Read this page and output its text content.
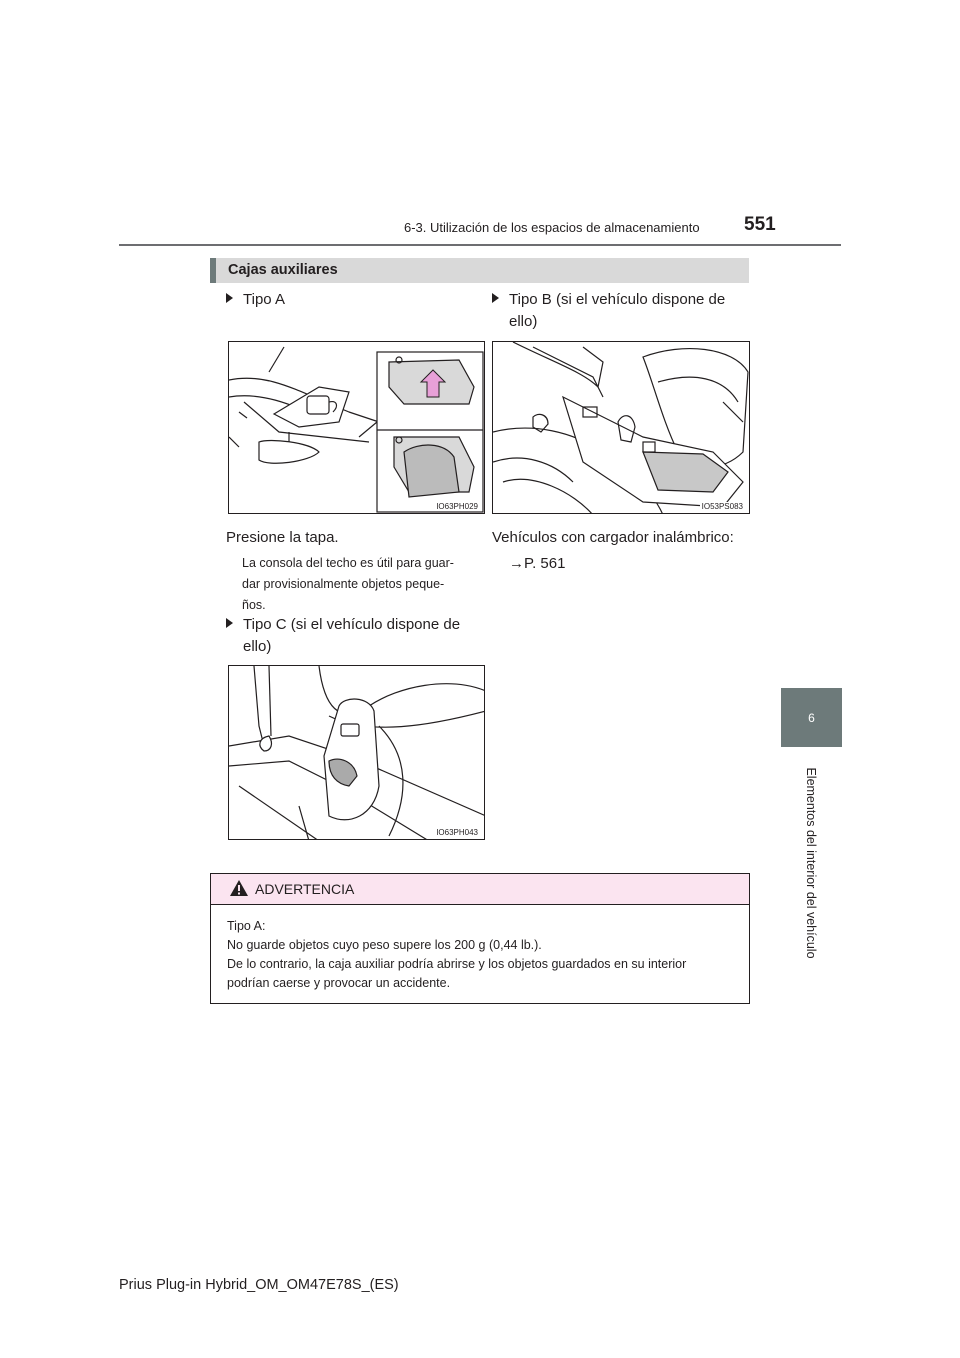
6-3. Utilización de los espacios de almacenamiento 551
6
Elementos del interior del vehículo
Cajas auxiliares
Tipo A
IO63PH029
Presione la tapa.
La consola del techo es útil para guar-
dar provisionalmente objetos peque-
ños.
Tipo C (si el vehículo dispone de
ello)
IO63PH043
Tipo B (si el vehículo dispone de
ello)
IO53PS083
Vehículos con cargador inalámbrico:
→P. 561
ADVERTENCIA
Tipo A:
No guarde objetos cuyo peso supere los 200 g (0,44 lb.).
De lo contrario, la caja auxiliar podría abrirse y los objetos guardados en su interior
podrían caerse y provocar un accidente.
Prius Plug-in Hybrid_OM_OM47E78S_(ES)
